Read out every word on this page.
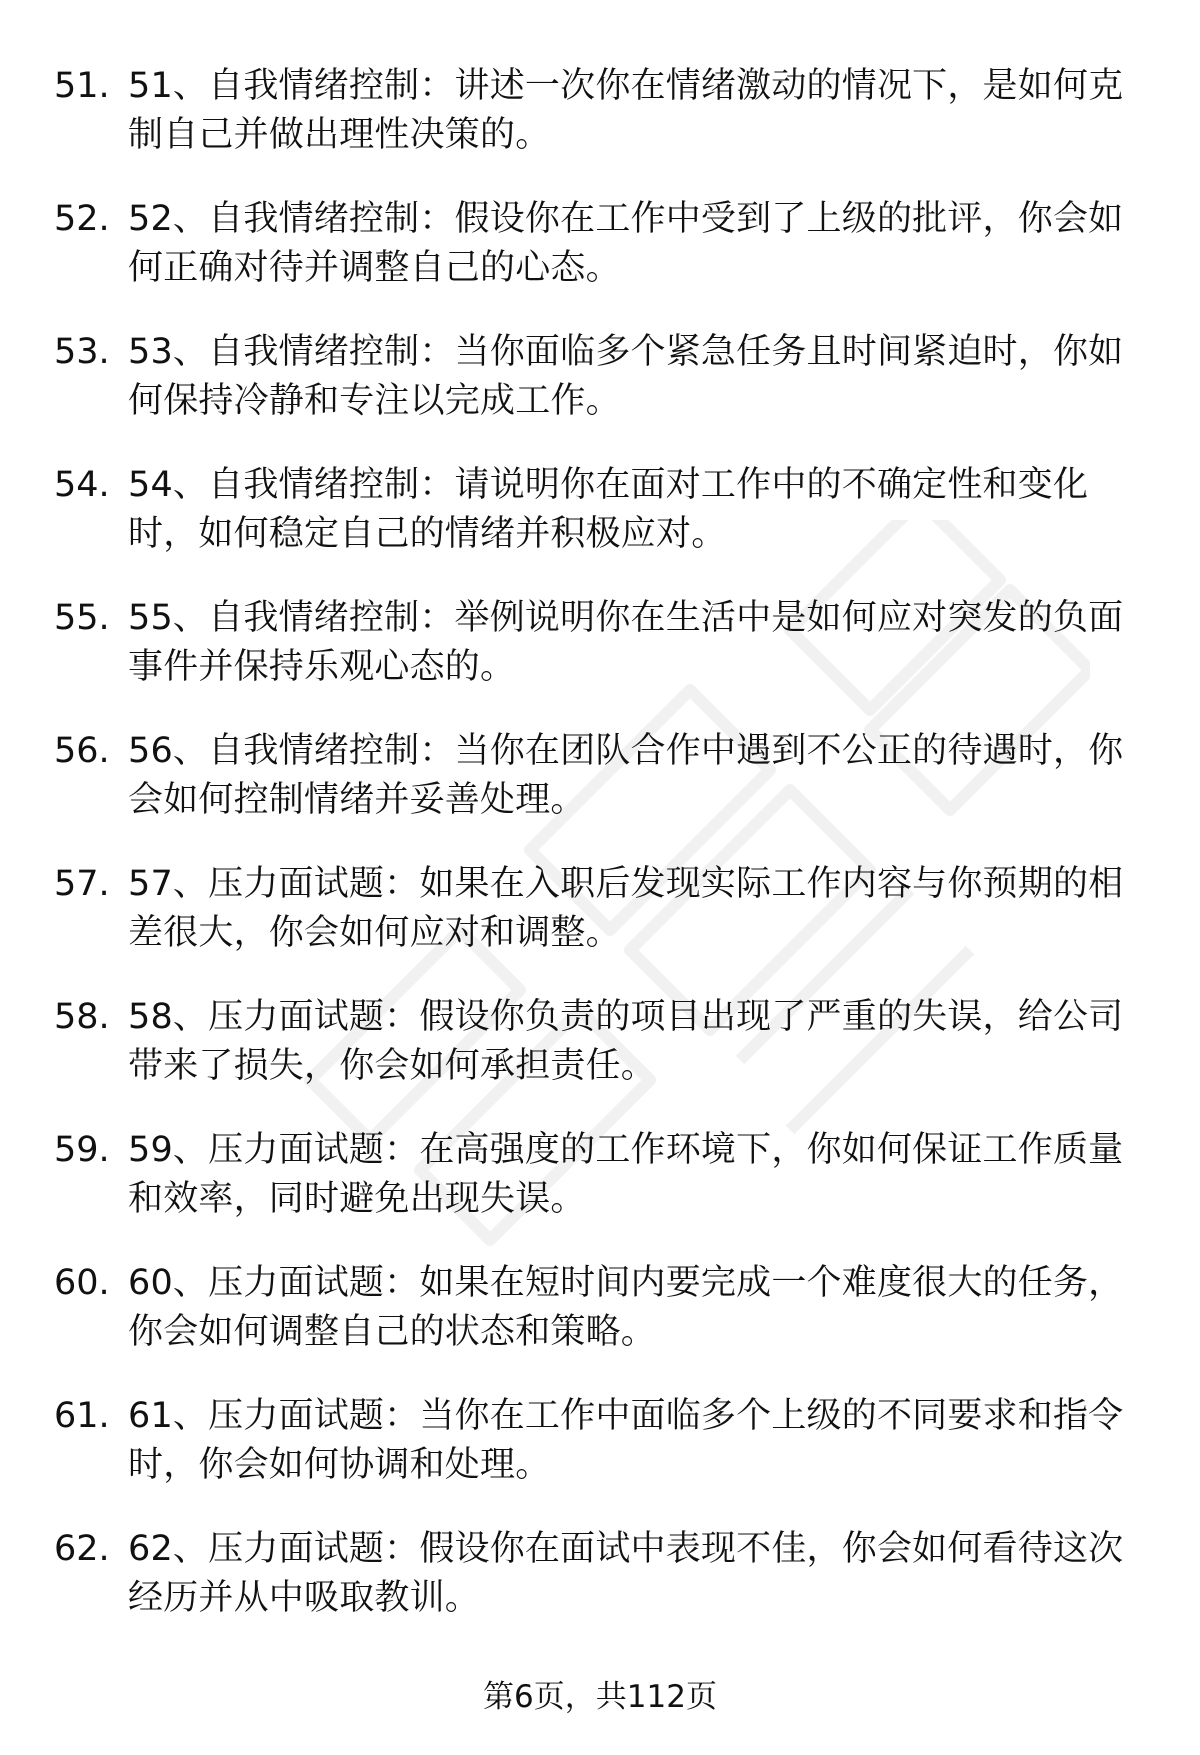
51. 51、自我情绪控制：讲述一次你在情绪激动的情况下，是如何克制自己并做出理性决策的。
52. 52、自我情绪控制：假设你在工作中受到了上级的批评，你会如何正确对待并调整自己的心态。
53. 53、自我情绪控制：当你面临多个紧急任务且时间紧迫时，你如何保持冷静和专注以完成工作。
54. 54、自我情绪控制：请说明你在面对工作中的不确定性和变化时，如何稳定自己的情绪并积极应对。
55. 55、自我情绪控制：举例说明你在生活中是如何应对突发的负面事件并保持乐观心态的。
56. 56、自我情绪控制：当你在团队合作中遇到不公正的待遇时，你会如何控制情绪并妥善处理。
57. 57、压力面试题：如果在入职后发现实际工作内容与你预期的相差很大，你会如何应对和调整。
58. 58、压力面试题：假设你负责的项目出现了严重的失误，给公司带来了损失，你会如何承担责任。
59. 59、压力面试题：在高强度的工作环境下，你如何保证工作质量和效率，同时避免出现失误。
60. 60、压力面试题：如果在短时间内要完成一个难度很大的任务，你会如何调整自己的状态和策略。
61. 61、压力面试题：当你在工作中面临多个上级的不同要求和指令时，你会如何协调和处理。
62. 62、压力面试题：假设你在面试中表现不佳，你会如何看待这次经历并从中吸取教训。
第6页，共112页
